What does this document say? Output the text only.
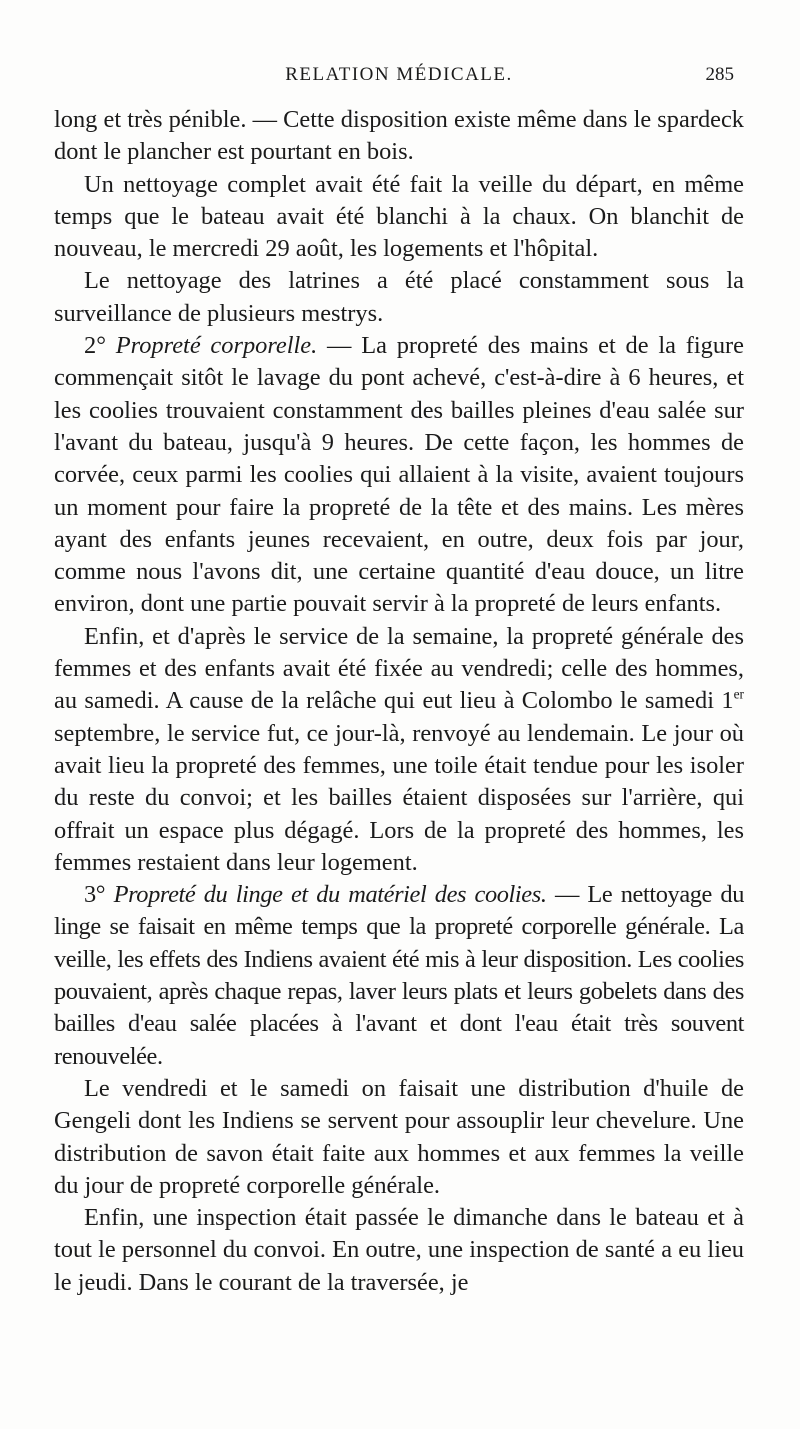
RELATION MÉDICALE.	285

long et très pénible. — Cette disposition existe même dans le spardeck dont le plancher est pourtant en bois.

Un nettoyage complet avait été fait la veille du départ, en même temps que le bateau avait été blanchi à la chaux. On blanchit de nouveau, le mercredi 29 août, les logements et l'hôpital.

Le nettoyage des latrines a été placé constamment sous la surveillance de plusieurs mestrys.

2° Propreté corporelle. — La propreté des mains et de la figure commençait sitôt le lavage du pont achevé, c'est-à-dire à 6 heures, et les coolies trouvaient constamment des bailles pleines d'eau salée sur l'avant du bateau, jusqu'à 9 heures. De cette façon, les hommes de corvée, ceux parmi les coolies qui allaient à la visite, avaient toujours un moment pour faire la propreté de la tête et des mains. Les mères ayant des enfants jeunes recevaient, en outre, deux fois par jour, comme nous l'avons dit, une certaine quantité d'eau douce, un litre environ, dont une partie pouvait servir à la propreté de leurs enfants.

Enfin, et d'après le service de la semaine, la propreté générale des femmes et des enfants avait été fixée au vendredi; celle des hommes, au samedi. A cause de la relâche qui eut lieu à Colombo le samedi 1er septembre, le service fut, ce jour-là, renvoyé au lendemain. Le jour où avait lieu la propreté des femmes, une toile était tendue pour les isoler du reste du convoi; et les bailles étaient disposées sur l'arrière, qui offrait un espace plus dégagé. Lors de la propreté des hommes, les femmes restaient dans leur logement.

3° Propreté du linge et du matériel des coolies. — Le nettoyage du linge se faisait en même temps que la propreté corporelle générale. La veille, les effets des Indiens avaient été mis à leur disposition. Les coolies pouvaient, après chaque repas, laver leurs plats et leurs gobelets dans des bailles d'eau salée placées à l'avant et dont l'eau était très souvent renouvelée.

Le vendredi et le samedi on faisait une distribution d'huile de Gengeli dont les Indiens se servent pour assouplir leur chevelure. Une distribution de savon était faite aux hommes et aux femmes la veille du jour de propreté corporelle générale.

Enfin, une inspection était passée le dimanche dans le bateau et à tout le personnel du convoi. En outre, une inspection de santé a eu lieu le jeudi. Dans le courant de la traversée, je
